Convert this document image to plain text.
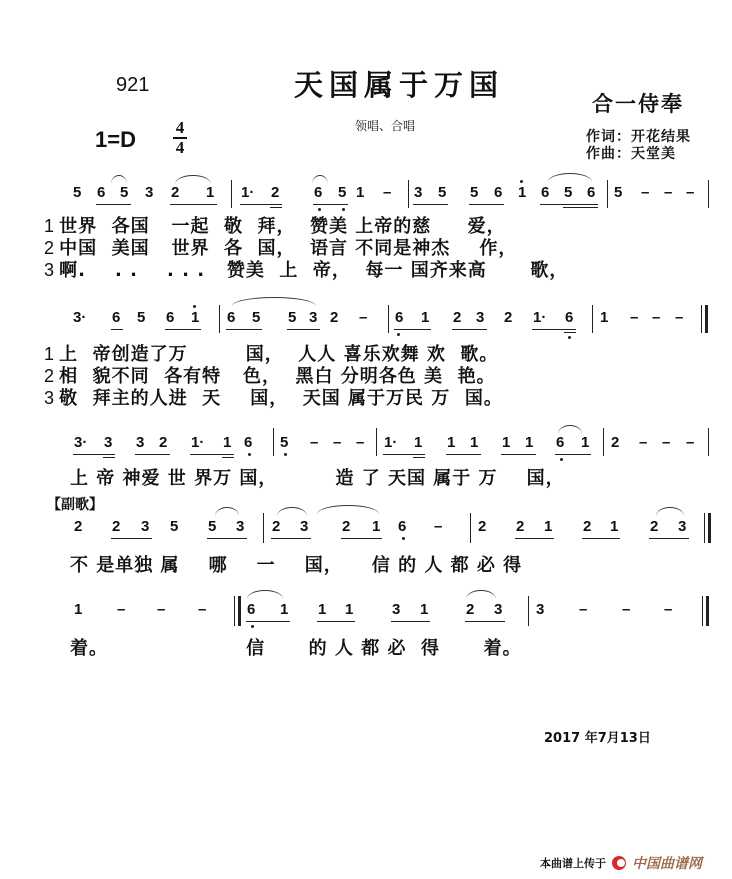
921	天国属于万国
领唱、合唱
合一侍奉
1=D 4
4
作词：开花结果
作曲：天堂美
5 6 5 3 2 1 1· 2 6 5 1 – 3 5 5 6 1 6 5 6 5 – – –
1 世界  各国   一起  敬  拜，  赞美 上帝的慈     爱，
2 中国  美国   世界  各  国，  语言 不同是神杰    作，
3 啊.    . .    . . .   赞美  上  帝，  每一 国齐来高      歌，
3· 6 5 6 1 6 5 5 3 2 – 6 1 2 3 2 1· 6 1 – – –
1 上  帝创造了万        国，  人人 喜乐欢舞 欢  歌。
2 相  貌不同  各有特   色，  黑白 分明各色 美  艳。
3 敬  拜主的人进  天    国，  天国 属于万民 万  国。
3· 3 3 2 1· 1 6 5 – – – 1· 1 1 1 1 1 6 1 2 – – –
上 帝 神爱 世 界万 国，        造 了 天国 属于 万    国，
【副歌】
2 2 3 5 5 3 2 3 2 1 6 – 2 2 1 2 1 2 3
不 是单独 属    哪    一    国，    信 的 人 都 必 得
1 – – –	6 1 1 1	3 1	2 3 3 – – –
着。                   信      的 人 都 必  得      着。
2017 年7月13日
本曲谱上传于 中国曲谱网
